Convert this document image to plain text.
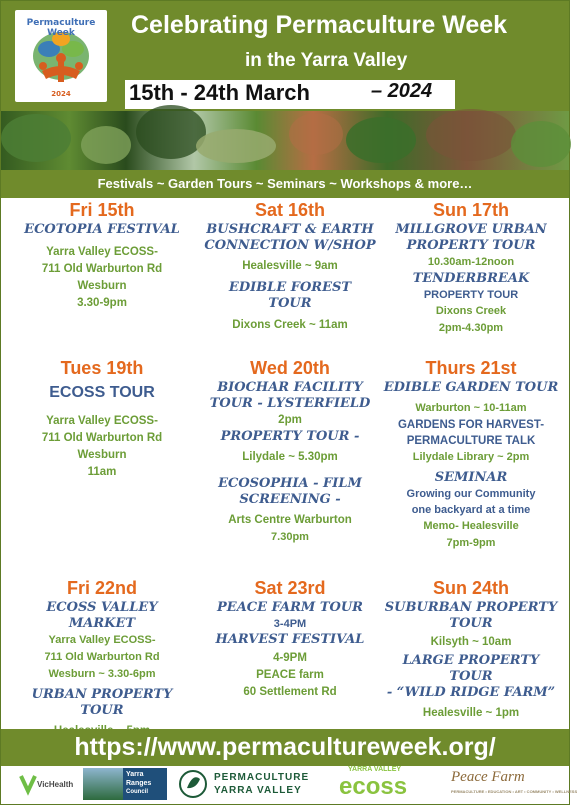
Permaculture Week
2024
Celebrating Permaculture Week
in the Yarra Valley
15th - 24th March	– 2024
Festivals ~ Garden Tours ~ Seminars ~ Workshops & more…
Fri 15th
ECOTOPIA FESTIVAL
Yarra Valley ECOSS-
711 Old Warburton Rd
Wesburn
3.30-9pm
Sat 16th
BUSHCRAFT & EARTH
CONNECTION W/SHOP
Healesville ~ 9am
EDIBLE FOREST
TOUR
Dixons Creek ~ 11am
Sun 17th
MILLGROVE URBAN
PROPERTY TOUR
10.30am-12noon
TENDERBREAK
PROPERTY TOUR
Dixons Creek
2pm-4.30pm
Tues 19th
ECOSS TOUR
Yarra Valley ECOSS-
711 Old Warburton Rd
Wesburn
11am
Wed 20th
BIOCHAR FACILITY
TOUR - LYSTERFIELD
2pm
PROPERTY TOUR -
Lilydale ~ 5.30pm
ECOSOPHIA - FILM
SCREENING -
Arts Centre Warburton
7.30pm
Thurs 21st
EDIBLE GARDEN TOUR
Warburton ~ 10-11am
GARDENS FOR HARVEST-
PERMACULTURE TALK
Lilydale Library ~ 2pm
SEMINAR
Growing our Community
one backyard at a time
Memo- Healesville
7pm-9pm
Fri 22nd
ECOSS VALLEY MARKET
Yarra Valley ECOSS-
711 Old Warburton Rd
Wesburn ~ 3.30-6pm
URBAN PROPERTY TOUR
Sat 23rd
PEACE FARM TOUR
3-4PM
HARVEST FESTIVAL
4-9PM
PEACE farm
60 Settlement Rd
Sun 24th
SUBURBAN PROPERTY
TOUR
Kilsyth ~ 10am
LARGE PROPERTY TOUR
- “WILD RIDGE FARM”
Healesville ~ 1pm
https://www.permacultureweek.org/
VicHealth
Yarra
Ranges
Council
PERMACULTURE
YARRA VALLEY
YARRA VALLEY
ecoss	Peace Farm
PERMACULTURE • EDUCATION • ART • COMMUNITY • WELLNESS
